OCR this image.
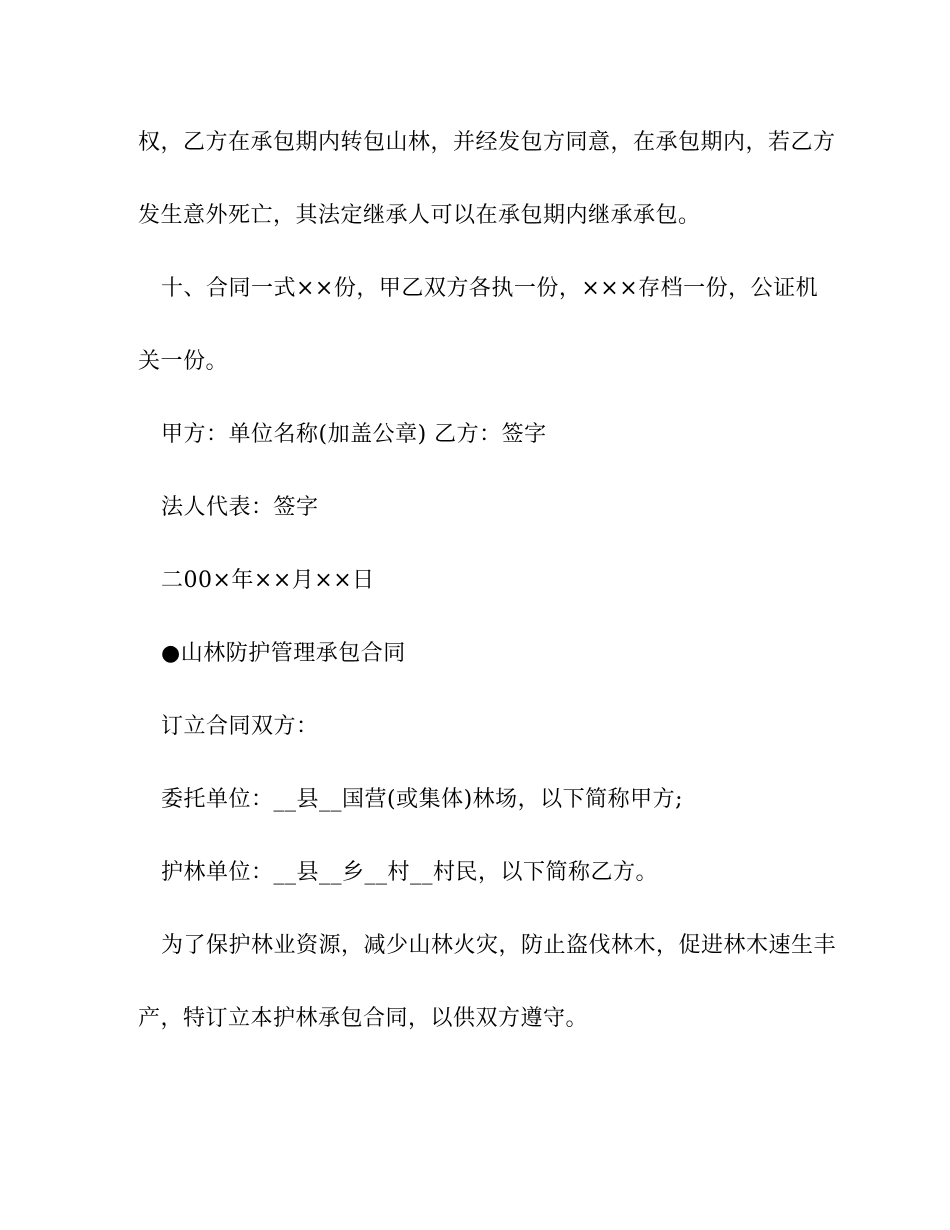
权，乙方在承包期内转包山林，并经发包方同意，在承包期内，若乙方
发生意外死亡，其法定继承人可以在承包期内继承承包。
十、合同一式××份，甲乙双方各执一份，×××存档一份，公证机
关一份。
甲方：单位名称(加盖公章) 乙方：签字
法人代表：签字
二00×年××月××日
●山林防护管理承包合同
订立合同双方：
委托单位：__县__国营(或集体)林场，以下简称甲方;
护林单位：__县__乡__村__村民，以下简称乙方。
为了保护林业资源，减少山林火灾，防止盗伐林木，促进林木速生丰
产，特订立本护林承包合同，以供双方遵守。
